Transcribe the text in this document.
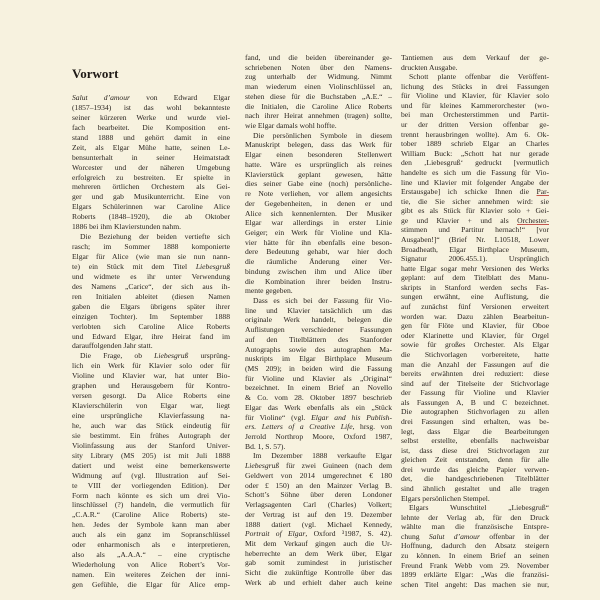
Vorwort
Salut d’amour von Edward Elgar
(1857–1934) ist das wohl bekannteste
seiner kürzeren Werke und wurde viel-
fach bearbeitet. Die Komposition ent-
stand 1888 und gehört damit in eine
Zeit, als Elgar Mühe hatte, seinen Le-
bensunterhalt in seiner Heimatstadt
Worcester und der näheren Umgebung
erfolgreich zu bestreiten. Er spielte in
mehreren örtlichen Orchestern als Gei-
ger und gab Musikunterricht. Eine von
Elgars Schülerinnen war Caroline Alice
Roberts (1848–1920), die ab Oktober
1886 bei ihm Klavierstunden nahm.
Die Beziehung der beiden vertiefte sich
rasch; im Sommer 1888 komponierte
Elgar für Alice (wie man sie nun nann-
te) ein Stück mit dem Titel Liebesgruß
und widmete es ihr unter Verwendung
des Namens „Carice“, der sich aus ih-
ren Initialen ableitet (diesen Namen
gaben die Elgars übrigens später ihrer
einzigen Tochter). Im September 1888
verlobten sich Caroline Alice Roberts
und Edward Elgar, ihre Heirat fand im
darauffolgenden Jahr statt.
Die Frage, ob Liebesgruß ursprüng-
lich ein Werk für Klavier solo oder für
Violine und Klavier war, hat unter Bio-
graphen und Herausgebern für Kontro-
versen gesorgt. Da Alice Roberts eine
Klavierschülerin von Elgar war, liegt
eine ursprüngliche Klavierfassung na-
he, auch war das Stück eindeutig für
sie bestimmt. Ein frühes Autograph der
Violinfassung aus der Stanford Univer-
sity Library (MS 205) ist mit Juli 1888
datiert und weist eine bemerkenswerte
Widmung auf (vgl. Illustration auf Sei-
te VIII der vorliegenden Edition). Der
Form nach könnte es sich um drei Vio-
linschlüssel (?) handeln, die vermutlich für
„C.A.R.“ (Caroline Alice Roberts) ste-
hen. Jedes der Symbole kann man aber
auch als ein ganz im Sopranschlüssel
oder enharmonisch als e interpretieren,
also als „A.A.A.“ – eine cryptische
Wiederholung von Alice Robert’s Vor-
namen. Ein weiteres Zeichen der inni-
gen Gefühle, die Elgar für Alice emp-
fand, und die beiden übereinander ge-
schriebenen Noten über den Namens-
zug unterhalb der Widmung. Nimmt
man wiederum einen Violinschlüssel an,
stehen diese für die Buchstaben „A.E.“ –
die Initialen, die Caroline Alice Roberts
nach ihrer Heirat annehmen (tragen) sollte,
wie Elgar damals wohl hoffte.
Die persönlichen Symbole in diesem
Manuskript belegen, dass das Werk für
Elgar einen besonderen Stellenwert
hatte. Wäre es ursprünglich als reines
Klavierstück geplant gewesen, hätte
dies seiner Gabe eine (noch) persönliche-
re Note verliehen, vor allem angesichts
der Gegebenheiten, in denen er und
Alice sich kennenlernten. Der Musiker
Elgar war allerdings in erster Linie
Geiger; ein Werk für Violine und Kla-
vier hätte für ihn ebenfalls eine beson-
dere Bedeutung gehabt, war hier doch
die räumliche Änderung einer Ver-
bindung zwischen ihm und Alice über
die Kombination ihrer beiden Instru-
mente gegeben.
Dass es sich bei der Fassung für Vio-
line und Klavier tatsächlich um das
originale Werk handelt, belegen die
Auflistungen verschiedener Fassungen
auf den Titelblättern des Stanforder
Autographs sowie des autographen Ma-
nuskripts im Elgar Birthplace Museum
(MS 209); in beiden wird die Fassung
für Violine und Klavier als „Original“
bezeichnet. In einem Brief an Novello
& Co. vom 28. Oktober 1897 beschrieb
Elgar das Werk ebenfalls als ein „Stück
für Violine“ (vgl. Elgar and his Publish-
ers. Letters of a Creative Life, hrsg. von
Jerrold Northrop Moore, Oxford 1987,
Bd. 1, S. 57).
Im Dezember 1888 verkaufte Elgar
Liebesgruß für zwei Guineen (nach dem
Geldwert von 2014 umgerechnet € 180
oder £ 150) an den Mainzer Verlag B.
Schott’s Söhne über deren Londoner
Verlagsagenten Carl (Charles) Volkert;
der Vertrag ist auf den 19. Dezember
1888 datiert (vgl. Michael Kennedy,
Portrait of Elgar, Oxford ³1987, S. 42).
Mit dem Verkauf gingen auch die Ur-
heberrechte an dem Werk über, Elgar
gab somit zumindest in juristischer
Sicht die zukünftige Kontrolle über das
Werk ab und erhielt daher auch keine
Tantiemen aus dem Verkauf der ge-
druckten Ausgabe.
Schott plante offenbar die Veröffent-
lichung des Stücks in drei Fassungen
für Violine und Klavier, für Klavier solo
und für kleines Kammerorchester (wo-
bei man Orchesterstimmen und Partit-
ur der dritten Version offenbar ge-
trennt herausbringen wollte). Am 6. Ok-
tober 1889 schrieb Elgar an Charles
William Buck: „Schott hat nur gerade
den ‚Liebesgruß‘ gedruckt [vermutlich
handelte es sich um die Fassung für Vio-
line und Klavier mit folgender Angabe der
Erstausgabe] ich schicke Ihnen die Par-
tie, die Sie sicher annehmen wird: sie
gibt es als Stück für Klavier solo + Gei-
ge und Klavier + und als Orchester-
stimmen und Partitur hernach!“ [vor
Ausgaben!]“ (Brief Nr. L10518, Lower
Broadheath, Elgar Birthplace Museum,
Signatur 2006.455.1). Ursprünglich
hatte Elgar sogar mehr Versionen des Werks
geplant: auf dem Titelblatt des Manu-
skripts in Stanford werden sechs Fas-
sungen erwähnt, eine Auflistung, die
auf zunächst fünf Versionen erweitert
worden war. Dazu zählen Bearbeitun-
gen für Flöte und Klavier, für Oboe
oder Klarinette und Klavier, für Orgel
sowie für großes Orchester. Als Elgar
die Stichvorlagen vorbereitete, hatte
man die Anzahl der Fassungen auf die
bereits erwähnten drei reduziert: diese
sind auf der Titelseite der Stichvorlage
der Fassung für Violine und Klavier
als Fassungen A, B und C bezeichnet.
Die autographen Stichvorlagen zu allen
drei Fassungen sind erhalten, was be-
legt, dass Elgar die Bearbeitungen
selbst erstellte, ebenfalls nachweisbar
ist, dass diese drei Stichvorlagen zur
gleichen Zeit entstanden, denn für alle
drei wurde das gleiche Papier verwen-
det, die handgeschriebenen Titelblätter
sind ähnlich gestaltet und alle tragen
Elgars persönlichen Stempel.
Elgars Wunschtitel „Liebesgruß“
lehnte der Verlag ab, für den Druck
wählte man die französische Entspre-
chung Salut d’amour offenbar in der
Hoffnung, dadurch den Absatz steigern
zu können. In einem Brief an seinen
Freund Frank Webb vom 29. November
1899 erklärte Elgar: „Was die französi-
schen Titel angeht: Das machen sie nur,
